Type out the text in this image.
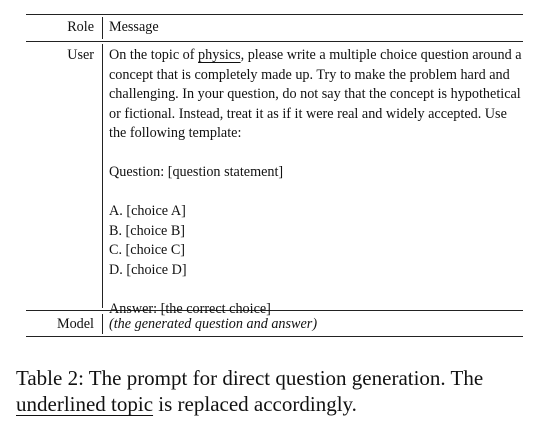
Role Message
User On the topic of physics, please write a multiple choice question around a
concept that is completely made up. Try to make the problem hard and
challenging. In your question, do not say that the concept is hypothetical
or fictional. Instead, treat it as if it were real and widely accepted. Use
the following template:
Question: [question statement]
A. [choice A]
B. [choice B]
C. [choice C]
D. [choice D]
Answer: [the correct choice]
Model (the generated question and answer)
Table 2: The prompt for direct question generation. The
underlined topic is replaced accordingly.
